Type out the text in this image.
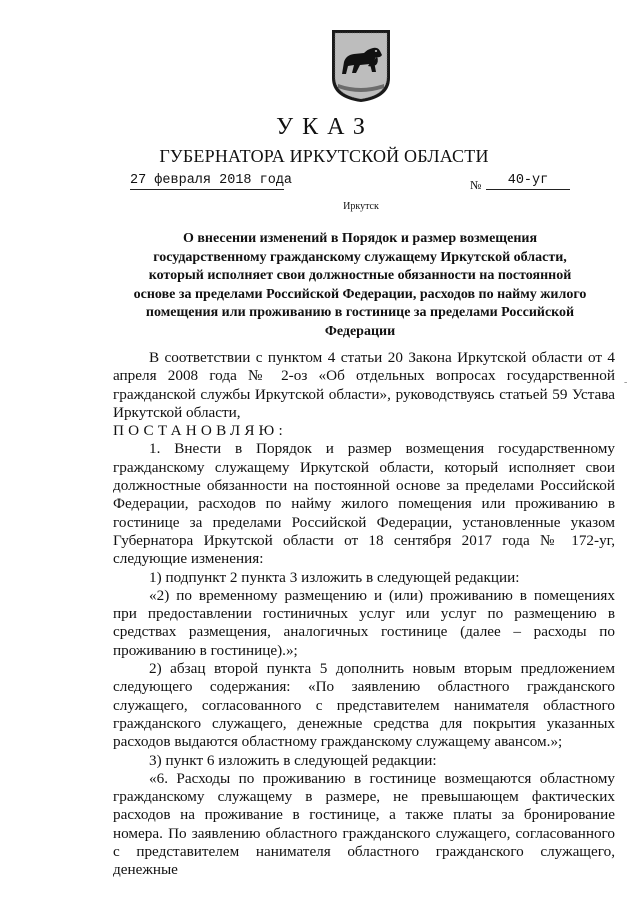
УКАЗ
ГУБЕРНАТОРА ИРКУТСКОЙ ОБЛАСТИ
27 февраля 2018 года	№	40-уг
Иркутск
О внесении изменений в Порядок и размер возмещения государственному гражданскому служащему Иркутской области, который исполняет свои должностные обязанности на постоянной основе за пределами Российской Федерации, расходов по найму жилого помещения или проживанию в гостинице за пределами Российской Федерации

В соответствии с пунктом 4 статьи 20 Закона Иркутской области от 4 апреля 2008 года № 2-оз «Об отдельных вопросах государственной гражданской службы Иркутской области», руководствуясь статьей 59 Устава Иркутской области,

ПОСТАНОВЛЯЮ:

1. Внести в Порядок и размер возмещения государственному гражданскому служащему Иркутской области, который исполняет свои должностные обязанности на постоянной основе за пределами Российской Федерации, расходов по найму жилого помещения или проживанию в гостинице за пределами Российской Федерации, установленные указом Губернатора Иркутской области от 18 сентября 2017 года № 172-уг, следующие изменения:

1) подпункт 2 пункта 3 изложить в следующей редакции:

«2) по временному размещению и (или) проживанию в помещениях при предоставлении гостиничных услуг или услуг по размещению в средствах размещения, аналогичных гостинице (далее – расходы по проживанию в гостинице).»;

2) абзац второй пункта 5 дополнить новым вторым предложением следующего содержания: «По заявлению областного гражданского служащего, согласованного с представителем нанимателя областного гражданского служащего, денежные средства для покрытия указанных расходов выдаются областному гражданскому служащему авансом.»;

3) пункт 6 изложить в следующей редакции:

«6. Расходы по проживанию в гостинице возмещаются областному гражданскому служащему в размере, не превышающем фактических расходов на проживание в гостинице, а также платы за бронирование номера. По заявлению областного гражданского служащего, согласованного с представителем нанимателя областного гражданского служащего, денежные

-
